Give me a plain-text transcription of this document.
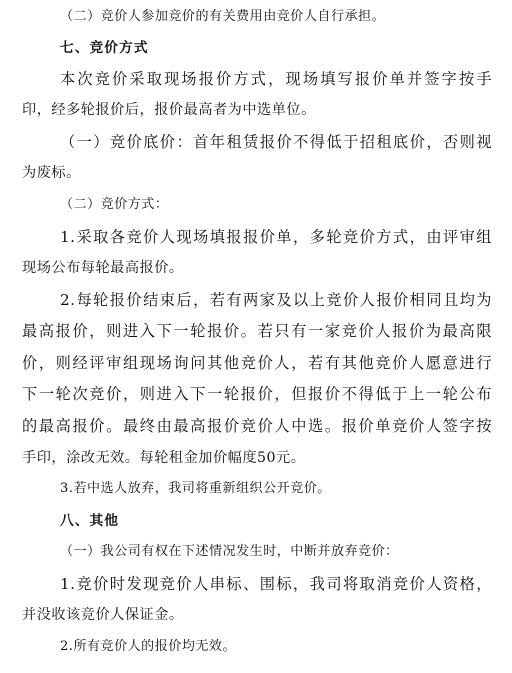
（二）竞价人参加竞价的有关费用由竞价人自行承担。
七、竞价方式
本次竞价采取现场报价方式，现场填写报价单并签字按手
印，经多轮报价后，报价最高者为中选单位。
（一）竞价底价：首年租赁报价不得低于招租底价，否则视
为废标。
（二）竞价方式：
1.采取各竞价人现场填报报价单，多轮竞价方式，由评审组
现场公布每轮最高报价。
2.每轮报价结束后，若有两家及以上竞价人报价相同且均为
最高报价，则进入下一轮报价。若只有一家竞价人报价为最高限
价，则经评审组现场询问其他竞价人，若有其他竞价人愿意进行
下一轮次竞价，则进入下一轮报价，但报价不得低于上一轮公布
的最高报价。最终由最高报价竞价人中选。报价单竞价人签字按
手印，涂改无效。每轮租金加价幅度50元。
3.若中选人放弃，我司将重新组织公开竞价。
八、其他
（一）我公司有权在下述情况发生时，中断并放弃竞价：
1.竞价时发现竞价人串标、围标，我司将取消竞价人资格，
并没收该竞价人保证金。
2.所有竞价人的报价均无效。
